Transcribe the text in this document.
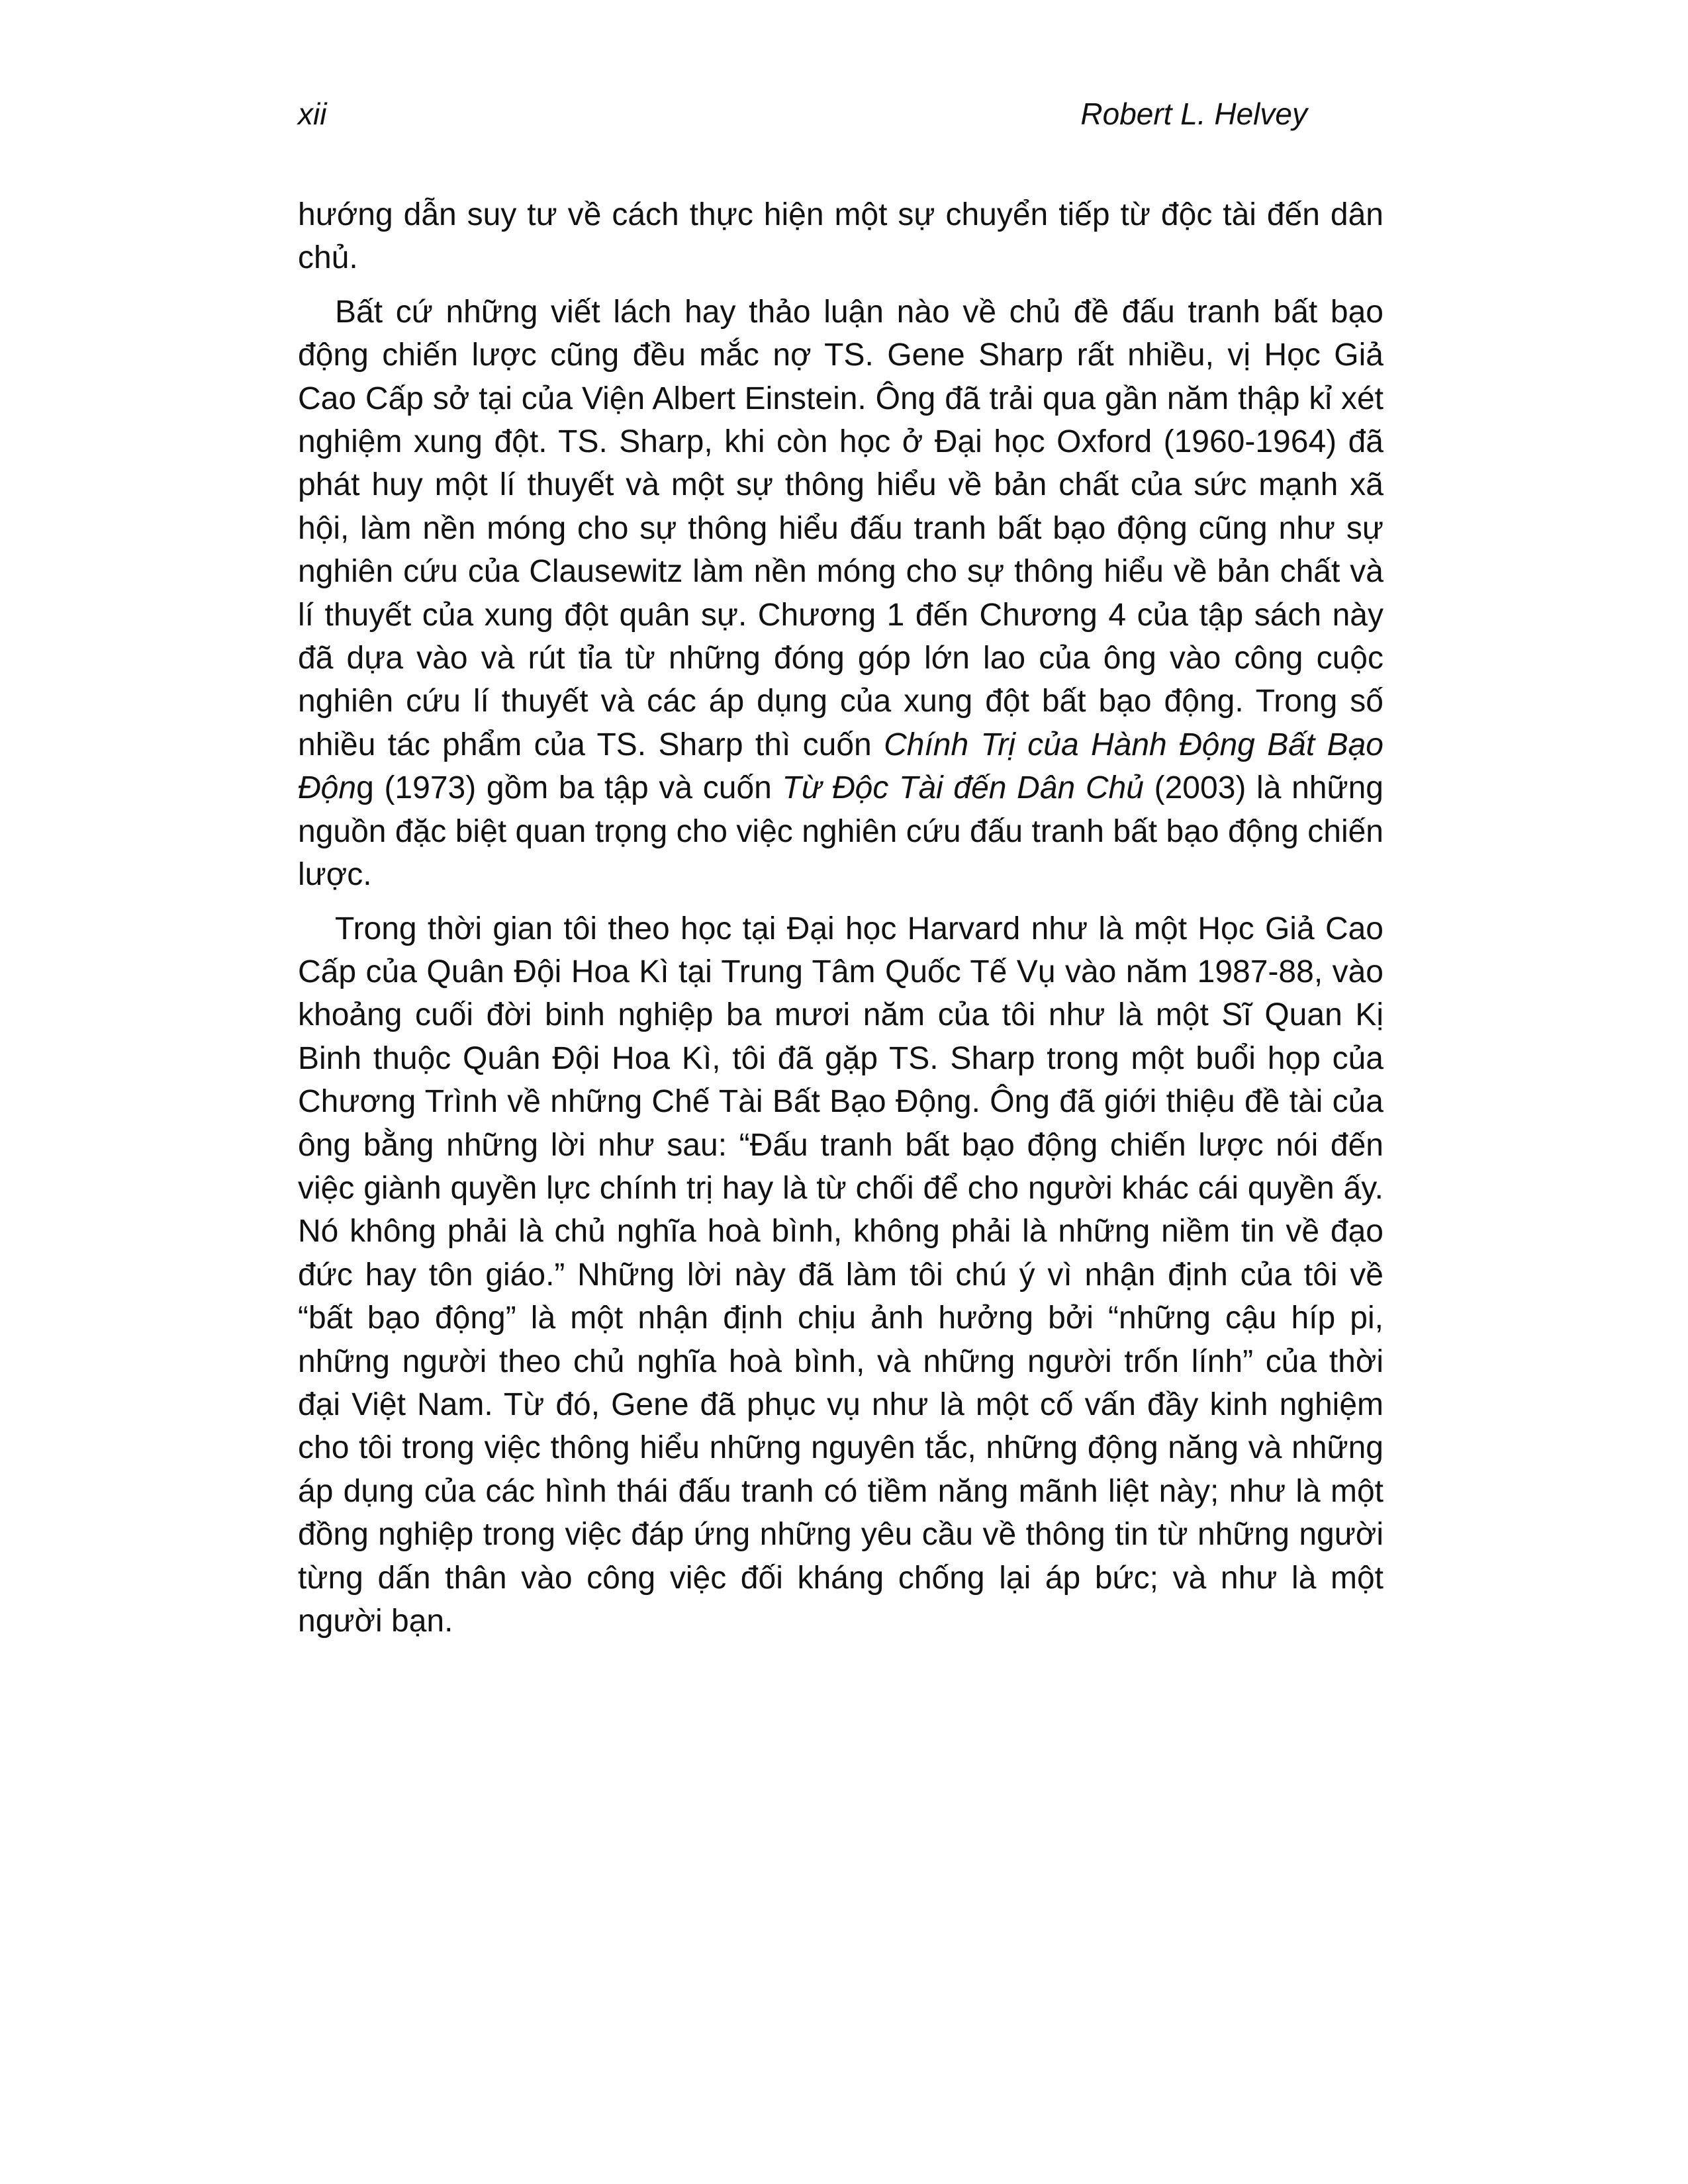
xii	Robert L. Helvey

hướng dẫn suy tư về cách thực hiện một sự chuyển tiếp từ độc tài đến dân chủ.

Bất cứ những viết lách hay thảo luận nào về chủ đề đấu tranh bất bạo động chiến lược cũng đều mắc nợ TS. Gene Sharp rất nhiều, vị Học Giả Cao Cấp sở tại của Viện Albert Einstein. Ông đã trải qua gần năm thập kỉ xét nghiệm xung đột. TS. Sharp, khi còn học ở Đại học Oxford (1960-1964) đã phát huy một lí thuyết và một sự thông hiểu về bản chất của sức mạnh xã hội, làm nền móng cho sự thông hiểu đấu tranh bất bạo động cũng như sự nghiên cứu của Clausewitz làm nền móng cho sự thông hiểu về bản chất và lí thuyết của xung đột quân sự. Chương 1 đến Chương 4 của tập sách này đã dựa vào và rút tỉa từ những đóng góp lớn lao của ông vào công cuộc nghiên cứu lí thuyết và các áp dụng của xung đột bất bạo động. Trong số nhiều tác phẩm của TS. Sharp thì cuốn Chính Trị của Hành Động Bất Bạo Động (1973) gồm ba tập và cuốn Từ Độc Tài đến Dân Chủ (2003) là những nguồn đặc biệt quan trọng cho việc nghiên cứu đấu tranh bất bạo động chiến lược.

Trong thời gian tôi theo học tại Đại học Harvard như là một Học Giả Cao Cấp của Quân Đội Hoa Kì tại Trung Tâm Quốc Tế Vụ vào năm 1987-88, vào khoảng cuối đời binh nghiệp ba mươi năm của tôi như là một Sĩ Quan Kị Binh thuộc Quân Đội Hoa Kì, tôi đã gặp TS. Sharp trong một buổi họp của Chương Trình về những Chế Tài Bất Bạo Động. Ông đã giới thiệu đề tài của ông bằng những lời như sau: “Đấu tranh bất bạo động chiến lược nói đến việc giành quyền lực chính trị hay là từ chối để cho người khác cái quyền ấy. Nó không phải là chủ nghĩa hoà bình, không phải là những niềm tin về đạo đức hay tôn giáo.” Những lời này đã làm tôi chú ý vì nhận định của tôi về “bất bạo động” là một nhận định chịu ảnh hưởng bởi “những cậu híp pi, những người theo chủ nghĩa hoà bình, và những người trốn lính” của thời đại Việt Nam. Từ đó, Gene đã phục vụ như là một cố vấn đầy kinh nghiệm cho tôi trong việc thông hiểu những nguyên tắc, những động năng và những áp dụng của các hình thái đấu tranh có tiềm năng mãnh liệt này; như là một đồng nghiệp trong việc đáp ứng những yêu cầu về thông tin từ những người từng dấn thân vào công việc đối kháng chống lại áp bức; và như là một người bạn.
